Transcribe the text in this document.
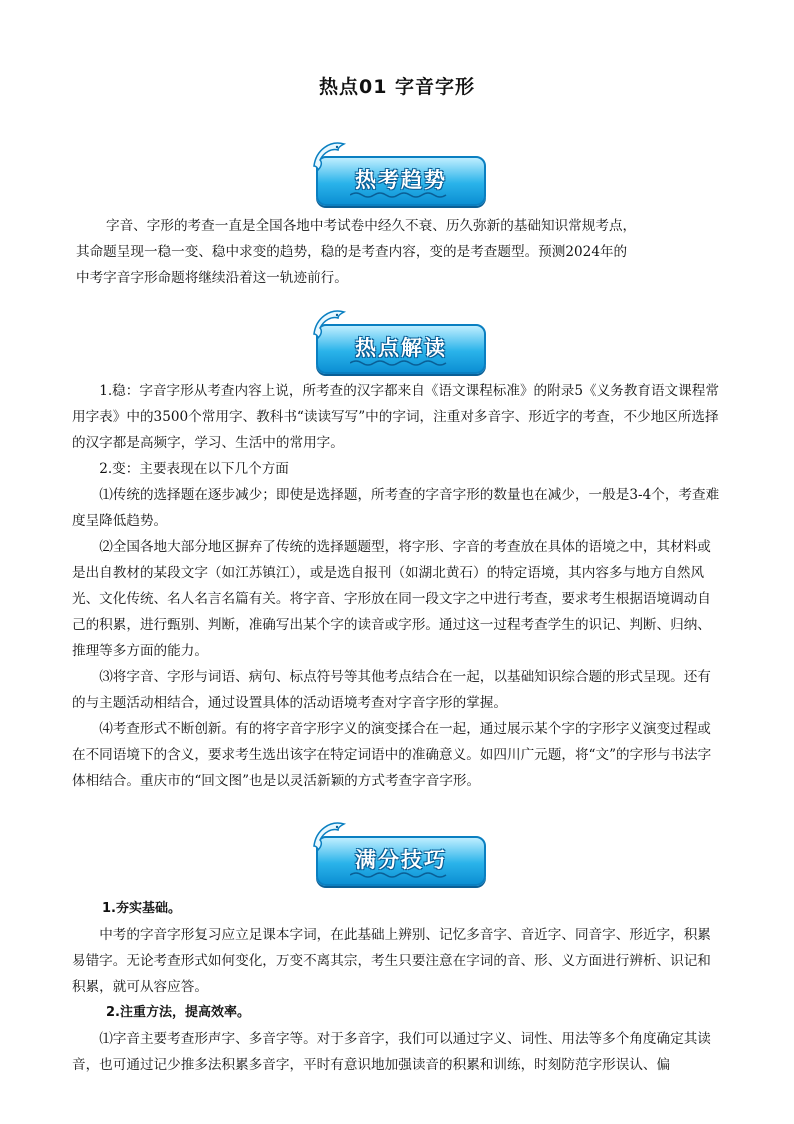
热点01 字音字形
热考趋势
字音、字形的考查一直是全国各地中考试卷中经久不衰、历久弥新的基础知识常规考点，
其命题呈现一稳一变、稳中求变的趋势，稳的是考查内容，变的是考查题型。预测2024年的
中考字音字形命题将继续沿着这一轨迹前行。
热点解读

1.稳：字音字形从考查内容上说，所考查的汉字都来自《语文课程标准》的附录5《义务教育语文课程常用字表》中的3500个常用字、教科书“读读写写”中的字词，注重对多音字、形近字的考查，不少地区所选择的汉字都是高频字，学习、生活中的常用字。

2.变：主要表现在以下几个方面

⑴传统的选择题在逐步减少；即使是选择题，所考查的字音字形的数量也在减少，一般是3-4个，考查难度呈降低趋势。

⑵全国各地大部分地区摒弃了传统的选择题题型，将字形、字音的考查放在具体的语境之中，其材料或是出自教材的某段文字（如江苏镇江），或是选自报刊（如湖北黄石）的特定语境，其内容多与地方自然风光、文化传统、名人名言名篇有关。将字音、字形放在同一段文字之中进行考查，要求考生根据语境调动自己的积累，进行甄别、判断，准确写出某个字的读音或字形。通过这一过程考查学生的识记、判断、归纳、推理等多方面的能力。

⑶将字音、字形与词语、病句、标点符号等其他考点结合在一起，以基础知识综合题的形式呈现。还有的与主题活动相结合，通过设置具体的活动语境考查对字音字形的掌握。

⑷考查形式不断创新。有的将字音字形字义的演变揉合在一起，通过展示某个字的字形字义演变过程或在不同语境下的含义，要求考生选出该字在特定词语中的准确意义。如四川广元题，将“文”的字形与书法字体相结合。重庆市的“回文图”也是以灵活新颖的方式考查字音字形。

满分技巧

1.夯实基础。

中考的字音字形复习应立足课本字词，在此基础上辨别、记忆多音字、音近字、同音字、形近字，积累易错字。无论考查形式如何变化，万变不离其宗，考生只要注意在字词的音、形、义方面进行辨析、识记和积累，就可从容应答。

2.注重方法，提高效率。

⑴字音主要考查形声字、多音字等。对于多音字，我们可以通过字义、词性、用法等多个角度确定其读音，也可通过记少推多法积累多音字，平时有意识地加强读音的积累和训练，时刻防范字形误认、偏
